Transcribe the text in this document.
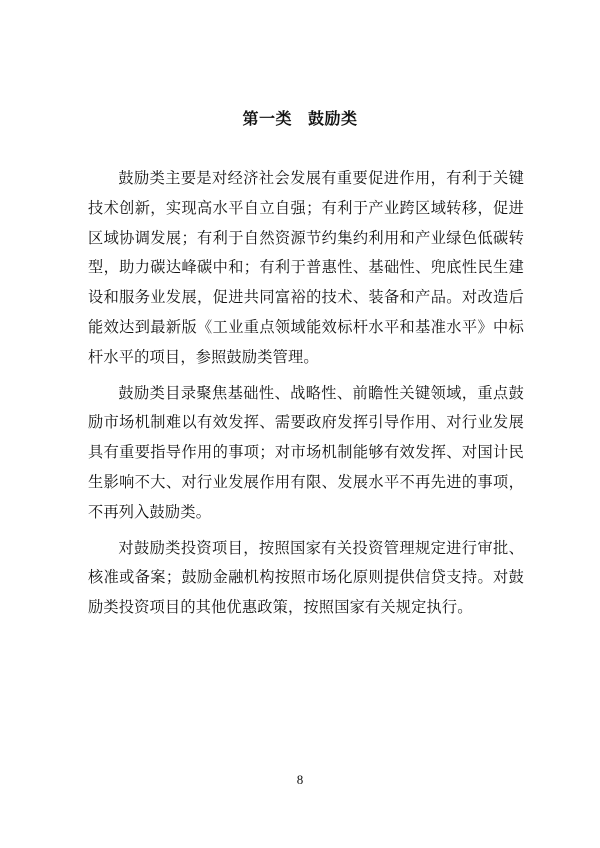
第一类 鼓励类

鼓励类主要是对经济社会发展有重要促进作用，有利于关键技术创新，实现高水平自立自强；有利于产业跨区域转移，促进区域协调发展；有利于自然资源节约集约利用和产业绿色低碳转型，助力碳达峰碳中和；有利于普惠性、基础性、兜底性民生建设和服务业发展，促进共同富裕的技术、装备和产品。对改造后能效达到最新版《工业重点领域能效标杆水平和基准水平》中标杆水平的项目，参照鼓励类管理。

鼓励类目录聚焦基础性、战略性、前瞻性关键领域，重点鼓励市场机制难以有效发挥、需要政府发挥引导作用、对行业发展具有重要指导作用的事项；对市场机制能够有效发挥、对国计民生影响不大、对行业发展作用有限、发展水平不再先进的事项，不再列入鼓励类。

对鼓励类投资项目，按照国家有关投资管理规定进行审批、核准或备案；鼓励金融机构按照市场化原则提供信贷支持。对鼓励类投资项目的其他优惠政策，按照国家有关规定执行。

8
